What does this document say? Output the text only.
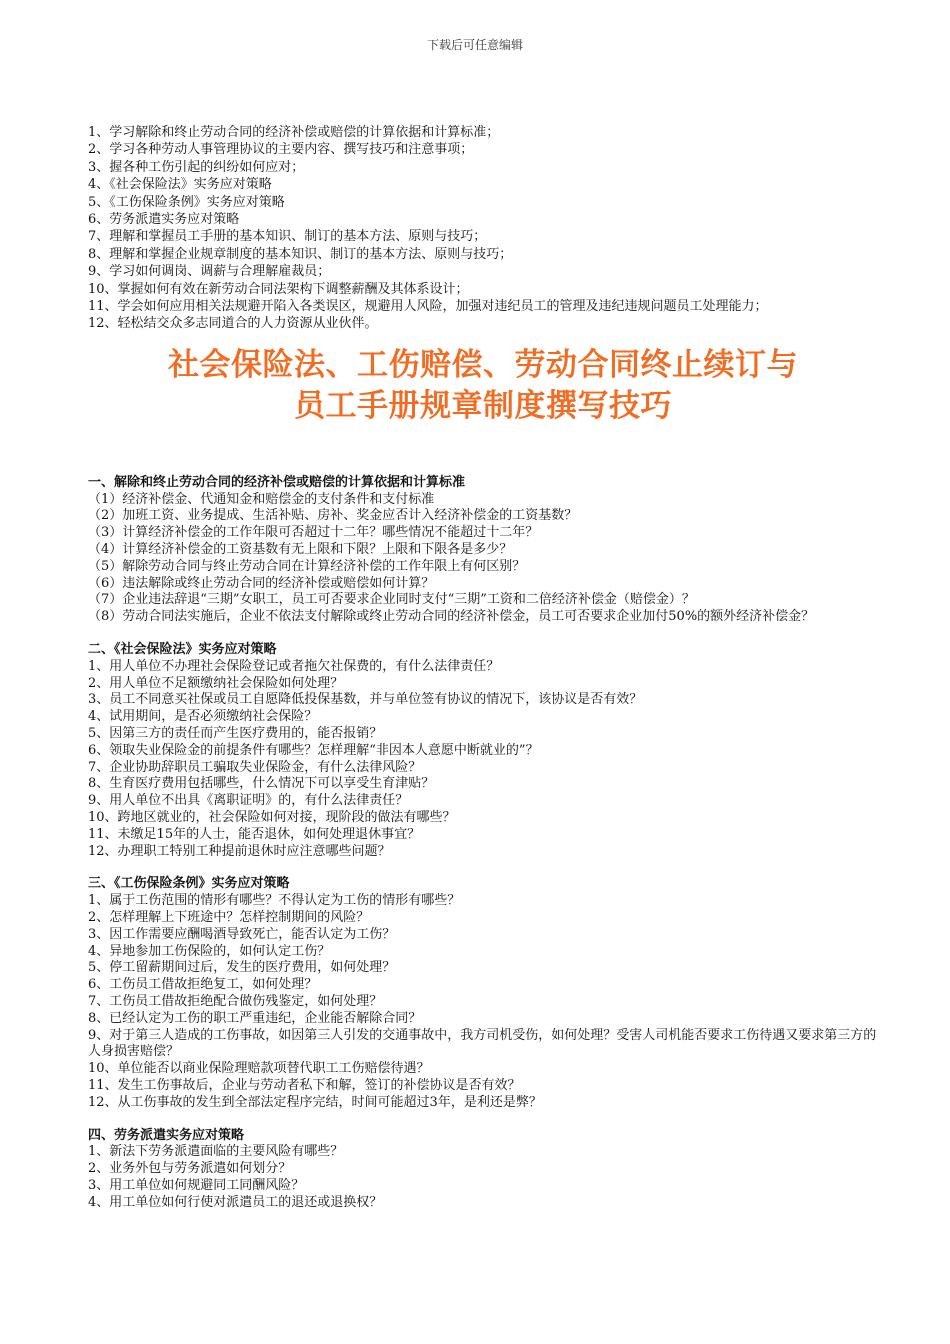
下载后可任意编辑
1、学习解除和终止劳动合同的经济补偿或赔偿的计算依据和计算标准；
2、学习各种劳动人事管理协议的主要内容、撰写技巧和注意事项；
3、握各种工伤引起的纠纷如何应对；
4、《社会保险法》实务应对策略
5、《工伤保险条例》实务应对策略
6、劳务派遣实务应对策略
7、理解和掌握员工手册的基本知识、制订的基本方法、原则与技巧；
8、理解和掌握企业规章制度的基本知识、制订的基本方法、原则与技巧；
9、学习如何调岗、调薪与合理解雇裁员；
10、掌握如何有效在新劳动合同法架构下调整薪酬及其体系设计；
11、学会如何应用相关法规避开陷入各类误区，规避用人风险，加强对违纪员工的管理及违纪违规问题员工处理能力；
12、轻松结交众多志同道合的人力资源从业伙伴。
社会保险法、工伤赔偿、劳动合同终止续订与
员工手册规章制度撰写技巧
一、解除和终止劳动合同的经济补偿或赔偿的计算依据和计算标准
（1）经济补偿金、代通知金和赔偿金的支付条件和支付标准
（2）加班工资、业务提成、生活补贴、房补、奖金应否计入经济补偿金的工资基数？
（3）计算经济补偿金的工作年限可否超过十二年？哪些情况不能超过十二年？
（4）计算经济补偿金的工资基数有无上限和下限？上限和下限各是多少？
（5）解除劳动合同与终止劳动合同在计算经济补偿的工作年限上有何区别？
（6）违法解除或终止劳动合同的经济补偿或赔偿如何计算？
（7）企业违法辞退“三期”女职工，员工可否要求企业同时支付“三期”工资和二倍经济补偿金（赔偿金）？
（8）劳动合同法实施后，企业不依法支付解除或终止劳动合同的经济补偿金，员工可否要求企业加付50%的额外经济补偿金？
二、《社会保险法》实务应对策略
1、用人单位不办理社会保险登记或者拖欠社保费的，有什么法律责任？
2、用人单位不足额缴纳社会保险如何处理？
3、员工不同意买社保或员工自愿降低投保基数，并与单位签有协议的情况下，该协议是否有效？
4、试用期间，是否必须缴纳社会保险？
5、因第三方的责任而产生医疗费用的，能否报销？
6、领取失业保险金的前提条件有哪些？怎样理解“非因本人意愿中断就业的”？
7、企业协助辞职员工骗取失业保险金，有什么法律风险？
8、生育医疗费用包括哪些，什么情况下可以享受生育津贴？
9、用人单位不出具《离职证明》的，有什么法律责任？
10、跨地区就业的，社会保险如何对接，现阶段的做法有哪些？
11、未缴足15年的人士，能否退休，如何处理退休事宜？
12、办理职工特别工种提前退休时应注意哪些问题？
三、《工伤保险条例》实务应对策略
1、属于工伤范围的情形有哪些？不得认定为工伤的情形有哪些？
2、怎样理解上下班途中？怎样控制期间的风险？
3、因工作需要应酬喝酒导致死亡，能否认定为工伤？
4、异地参加工伤保险的，如何认定工伤？
5、停工留薪期间过后，发生的医疗费用，如何处理？
6、工伤员工借故拒绝复工，如何处理？
7、工伤员工借故拒绝配合做伤残鉴定，如何处理？
8、已经认定为工伤的职工严重违纪，企业能否解除合同？
9、对于第三人造成的工伤事故，如因第三人引发的交通事故中，我方司机受伤，如何处理？受害人司机能否要求工伤待遇又要求第三方的人身损害赔偿？
10、单位能否以商业保险理赔款项替代职工工伤赔偿待遇？
11、发生工伤事故后，企业与劳动者私下和解，签订的补偿协议是否有效？
12、从工伤事故的发生到全部法定程序完结，时间可能超过3年，是利还是弊？
四、劳务派遣实务应对策略
1、新法下劳务派遣面临的主要风险有哪些？
2、业务外包与劳务派遣如何划分？
3、用工单位如何规避同工同酬风险？
4、用工单位如何行使对派遣员工的退还或退换权？
